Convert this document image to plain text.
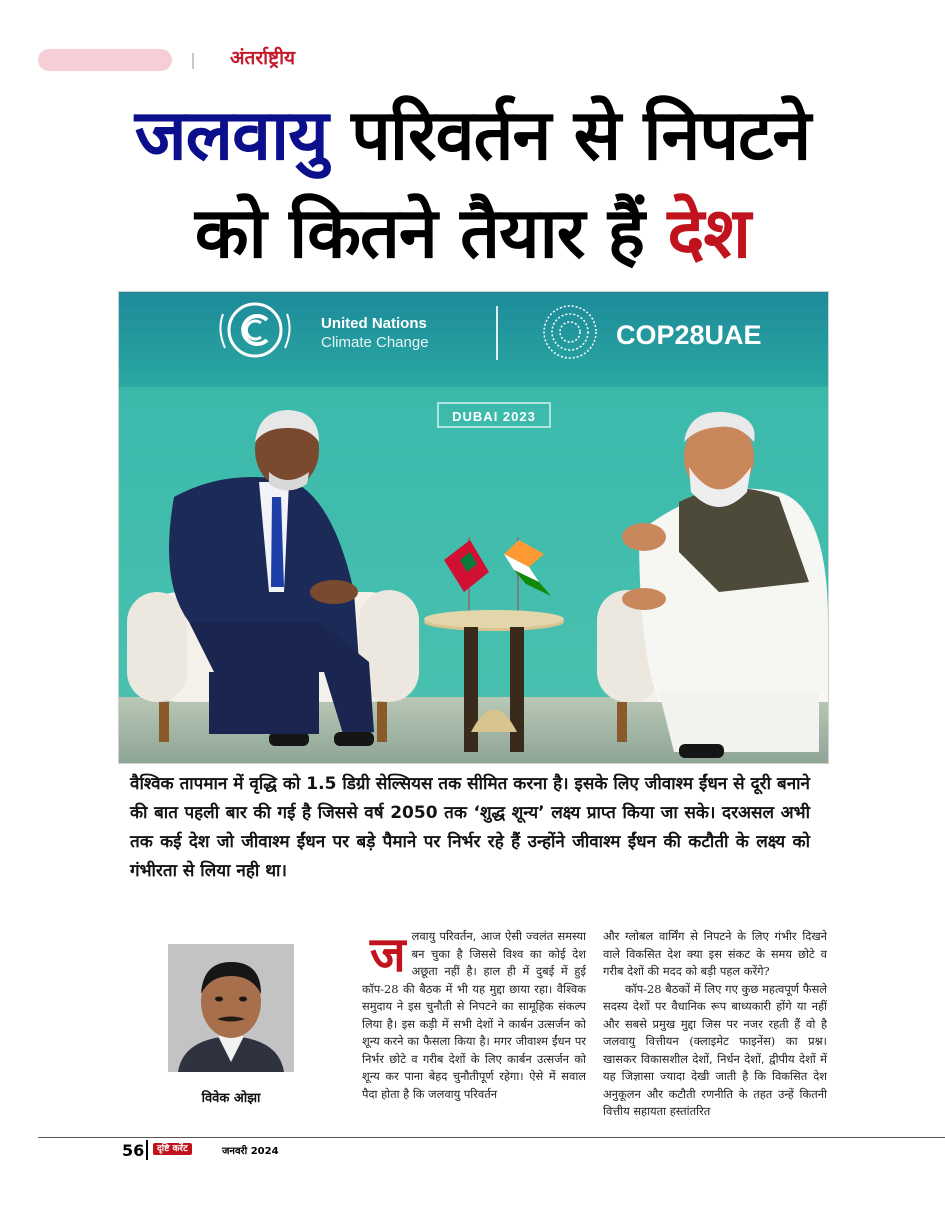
अंतर्राष्ट्रीय
जलवायु परिवर्तन से निपटने
को कितने तैयार हैं देश
United Nations
Climate Change	COP28UAE
DUBAI 2023
वैश्विक तापमान में वृद्धि को 1.5 डिग्री सेल्सियस तक सीमित करना है। इसके लिए जीवाश्म ईंधन से दूरी बनाने की बात पहली बार की गई है जिससे वर्ष 2050 तक ‘शुद्ध शून्य’ लक्ष्य प्राप्त किया जा सके। दरअसल अभी तक कई देश जो जीवाश्म ईंधन पर बड़े पैमाने पर निर्भर रहे हैं उन्होंने जीवाश्म ईंधन की कटौती के लक्ष्य को गंभीरता से लिया नही था।
विवेक ओझा
ज लवायु परिवर्तन, आज ऐसी ज्वलंत समस्या बन चुका है जिससे विश्व का कोई देश अछूता नहीं है। हाल ही में दुबई में हुई कॉप-28 की बैठक में भी यह मुद्दा छाया रहा। वैश्विक समुदाय ने इस चुनौती से निपटने का सामूहिक संकल्प लिया है। इस कड़ी में सभी देशों ने कार्बन उत्सर्जन को शून्य करने का फैसला किया है। मगर जीवाश्म ईंधन पर निर्भर छोटे व गरीब देशों के लिए कार्बन उत्सर्जन को शून्य कर पाना बेहद चुनौतीपूर्ण रहेगा। ऐसे में सवाल पैदा होता है कि जलवायु परिवर्तन

और ग्लोबल वार्मिंग से निपटने के लिए गंभीर दिखने वाले विकसित देश क्या इस संकट के समय छोटे व गरीब देशों की मदद को बड़ी पहल करेंगे?

कॉप-28 बैठकों में लिए गए कुछ महत्वपूर्ण फैसले सदस्य देशों पर वैधानिक रूप बाध्यकारी होंगे या नहीं और सबसे प्रमुख मुद्दा जिस पर नजर रहती हैं वो है जलवायु वित्तीयन (क्लाइमेट फाइनेंस) का प्रश्न। खासकर विकासशील देशों, निर्धन देशों, द्वीपीय देशों में यह जिज्ञासा ज्यादा देखी जाती है कि विकसित देश अनुकूलन और कटौती रणनीति के तहत उन्हें कितनी वित्तीय सहायता हस्तांतरित

56	दृष्टि करेंट	जनवरी 2024
